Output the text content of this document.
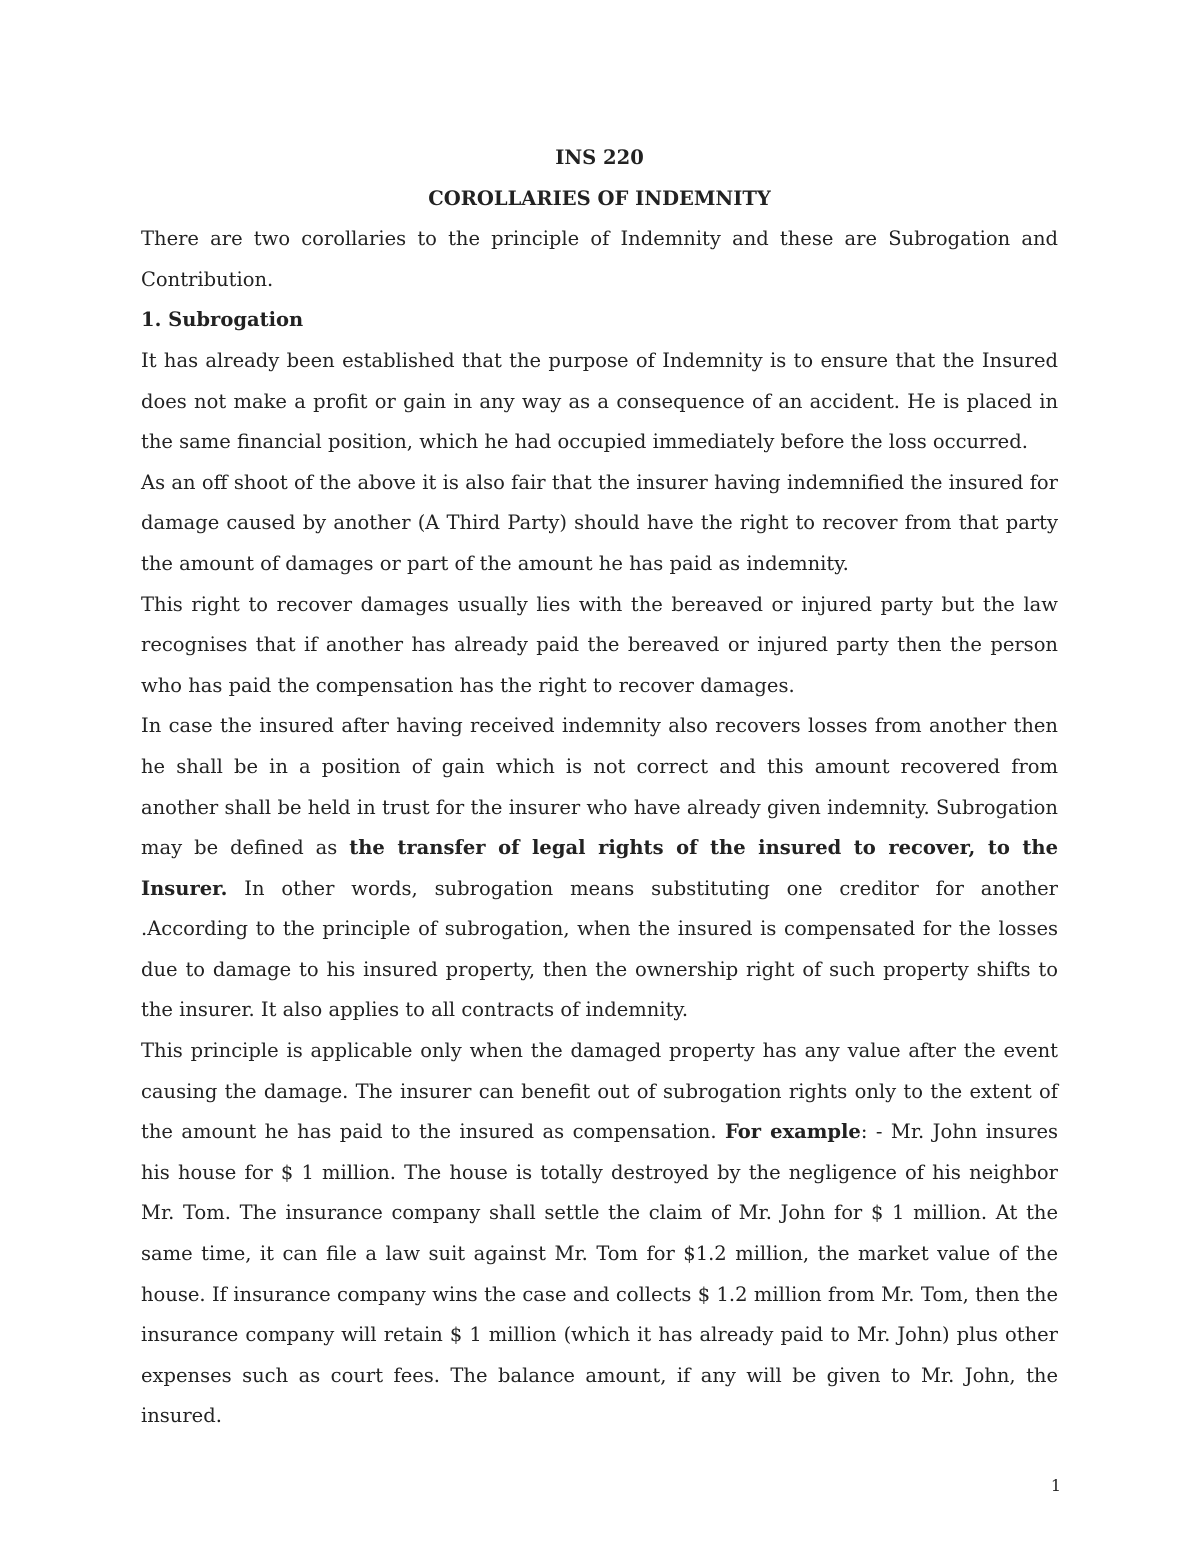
INS 220
COROLLARIES OF INDEMNITY

There are two corollaries to the principle of Indemnity and these are Subrogation and Contribution.

1. Subrogation

It has already been established that the purpose of Indemnity is to ensure that the Insured does not make a profit or gain in any way as a consequence of an accident. He is placed in the same financial position, which he had occupied immediately before the loss occurred.

As an off shoot of the above it is also fair that the insurer having indemnified the insured for damage caused by another (A Third Party) should have the right to recover from that party the amount of damages or part of the amount he has paid as indemnity.

This right to recover damages usually lies with the bereaved or injured party but the law recognises that if another has already paid the bereaved or injured party then the person who has paid the compensation has the right to recover damages.

In case the insured after having received indemnity also recovers losses from another then he shall be in a position of gain which is not correct and this amount recovered from another shall be held in trust for the insurer who have already given indemnity. Subrogation may be defined as the transfer of legal rights of the insured to recover, to the Insurer. In other words, subrogation means substituting one creditor for another .According to the principle of subrogation, when the insured is compensated for the losses due to damage to his insured property, then the ownership right of such property shifts to the insurer. It also applies to all contracts of indemnity.

This principle is applicable only when the damaged property has any value after the event causing the damage. The insurer can benefit out of subrogation rights only to the extent of the amount he has paid to the insured as compensation. For example: - Mr. John insures his house for $ 1 million. The house is totally destroyed by the negligence of his neighbor Mr. Tom. The insurance company shall settle the claim of Mr. John for $ 1 million. At the same time, it can file a law suit against Mr. Tom for $1.2 million, the market value of the house. If insurance company wins the case and collects $ 1.2 million from Mr. Tom, then the insurance company will retain $ 1 million (which it has already paid to Mr. John) plus other expenses such as court fees. The balance amount, if any will be given to Mr. John, the insured.

1
